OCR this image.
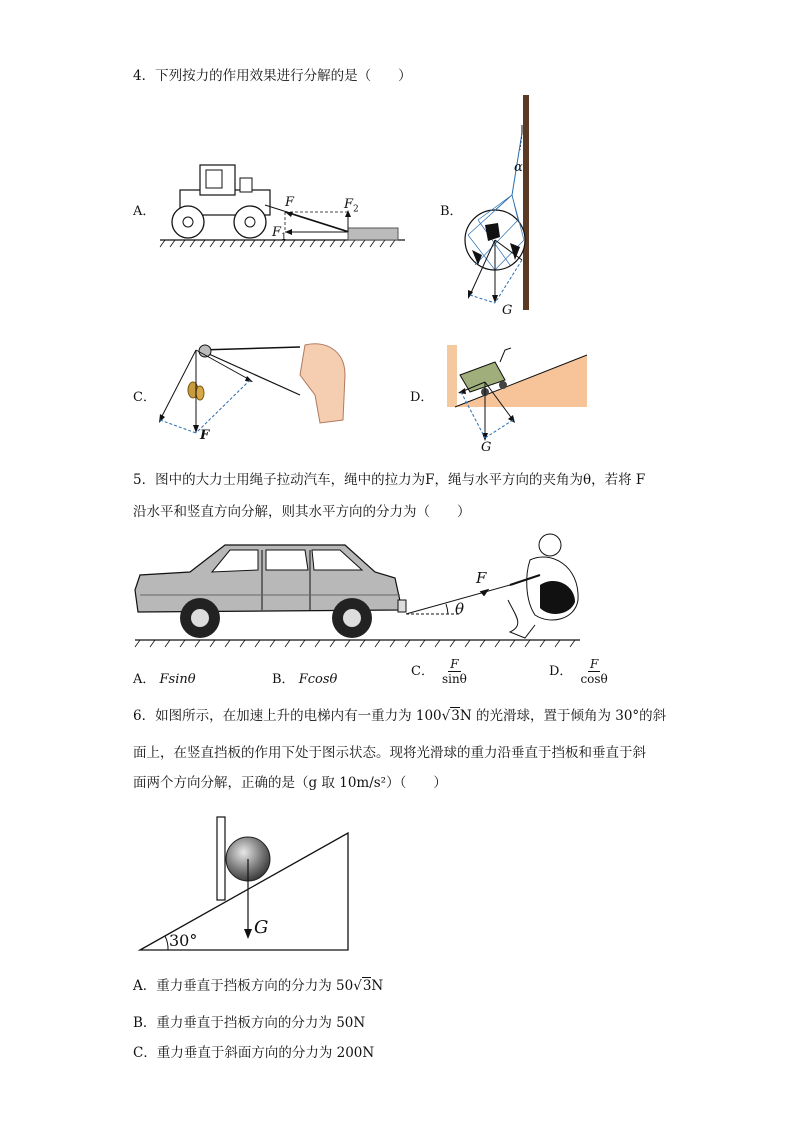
4．下列按力的作用效果进行分解的是（　　）
A．
F	$F_2$
$F_1$
B．
α
G
C．
F
D．
G
5．图中的大力士用绳子拉动汽车，绳中的拉力为F，绳与水平方向的夹角为θ，若将 F
沿水平和竖直方向分解，则其水平方向的分力为（　　）
F
θ
A． Fsinθ	B． Fcosθ
C． $\frac{F}{\sin\theta}$	D． $\frac{F}{\cos\theta}$
6．如图所示，在加速上升的电梯内有一重力为 100√3N 的光滑球，置于倾角为 30°的斜
面上，在竖直挡板的作用下处于图示状态。现将光滑球的重力沿垂直于挡板和垂直于斜
面两个方向分解，正确的是（g 取 10m/s²）（　　）
G
30°
A．重力垂直于挡板方向的分力为 50√3N
B．重力垂直于挡板方向的分力为 50N
C．重力垂直于斜面方向的分力为 200N
